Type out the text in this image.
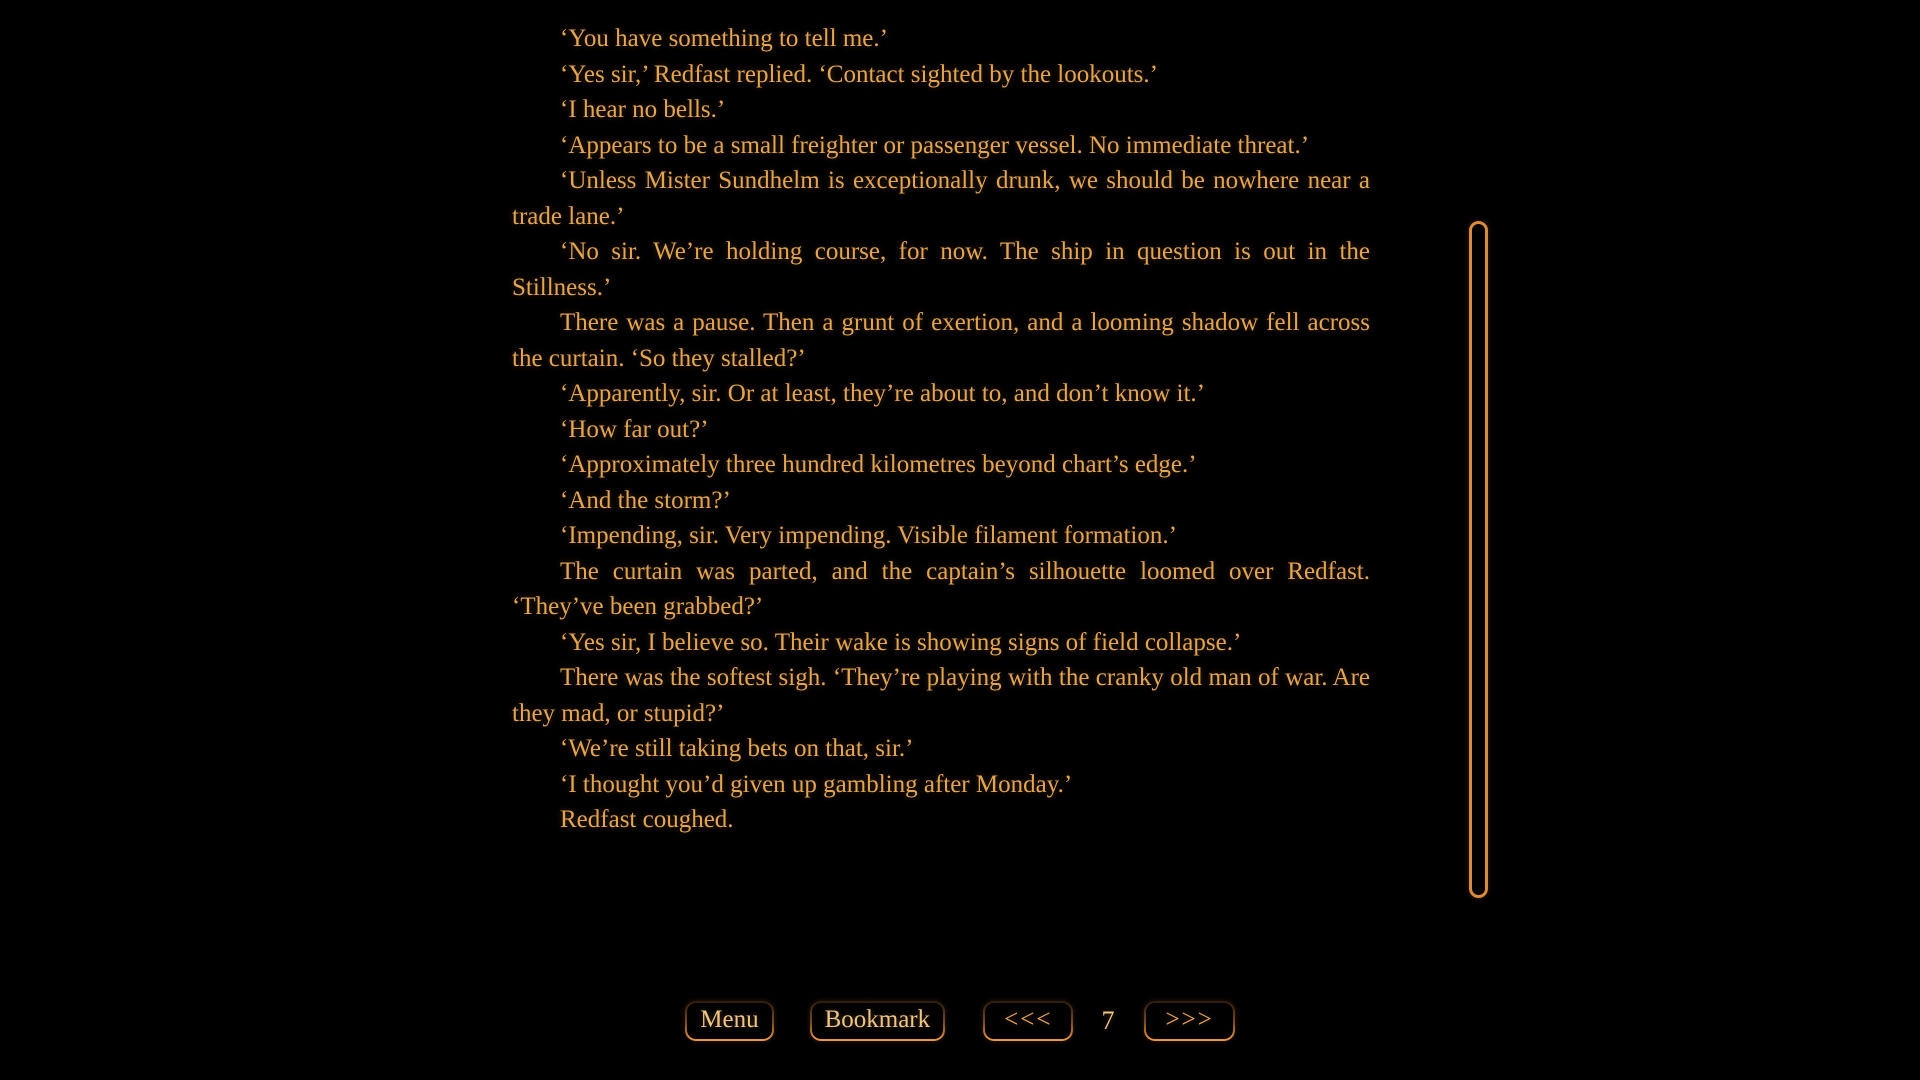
‘You have something to tell me.’

‘Yes sir,’ Redfast replied. ‘Contact sighted by the lookouts.’

‘I hear no bells.’

‘Appears to be a small freighter or passenger vessel. No immediate threat.’

‘Unless Mister Sundhelm is exceptionally drunk, we should be nowhere near a trade lane.’

‘No sir. We’re holding course, for now. The ship in question is out in the Stillness.’

There was a pause. Then a grunt of exertion, and a looming shadow fell across the curtain. ‘So they stalled?’

‘Apparently, sir. Or at least, they’re about to, and don’t know it.’

‘How far out?’

‘Approximately three hundred kilometres beyond chart’s edge.’

‘And the storm?’

‘Impending, sir. Very impending. Visible filament formation.’

The curtain was parted, and the captain’s silhouette loomed over Redfast. ‘They’ve been grabbed?’

‘Yes sir, I believe so. Their wake is showing signs of field collapse.’

There was the softest sigh. ‘They’re playing with the cranky old man of war. Are they mad, or stupid?’

‘We’re still taking bets on that, sir.’

‘I thought you’d given up gambling after Monday.’

Redfast coughed.

Menu	Bookmark	<<<	7	>>>
